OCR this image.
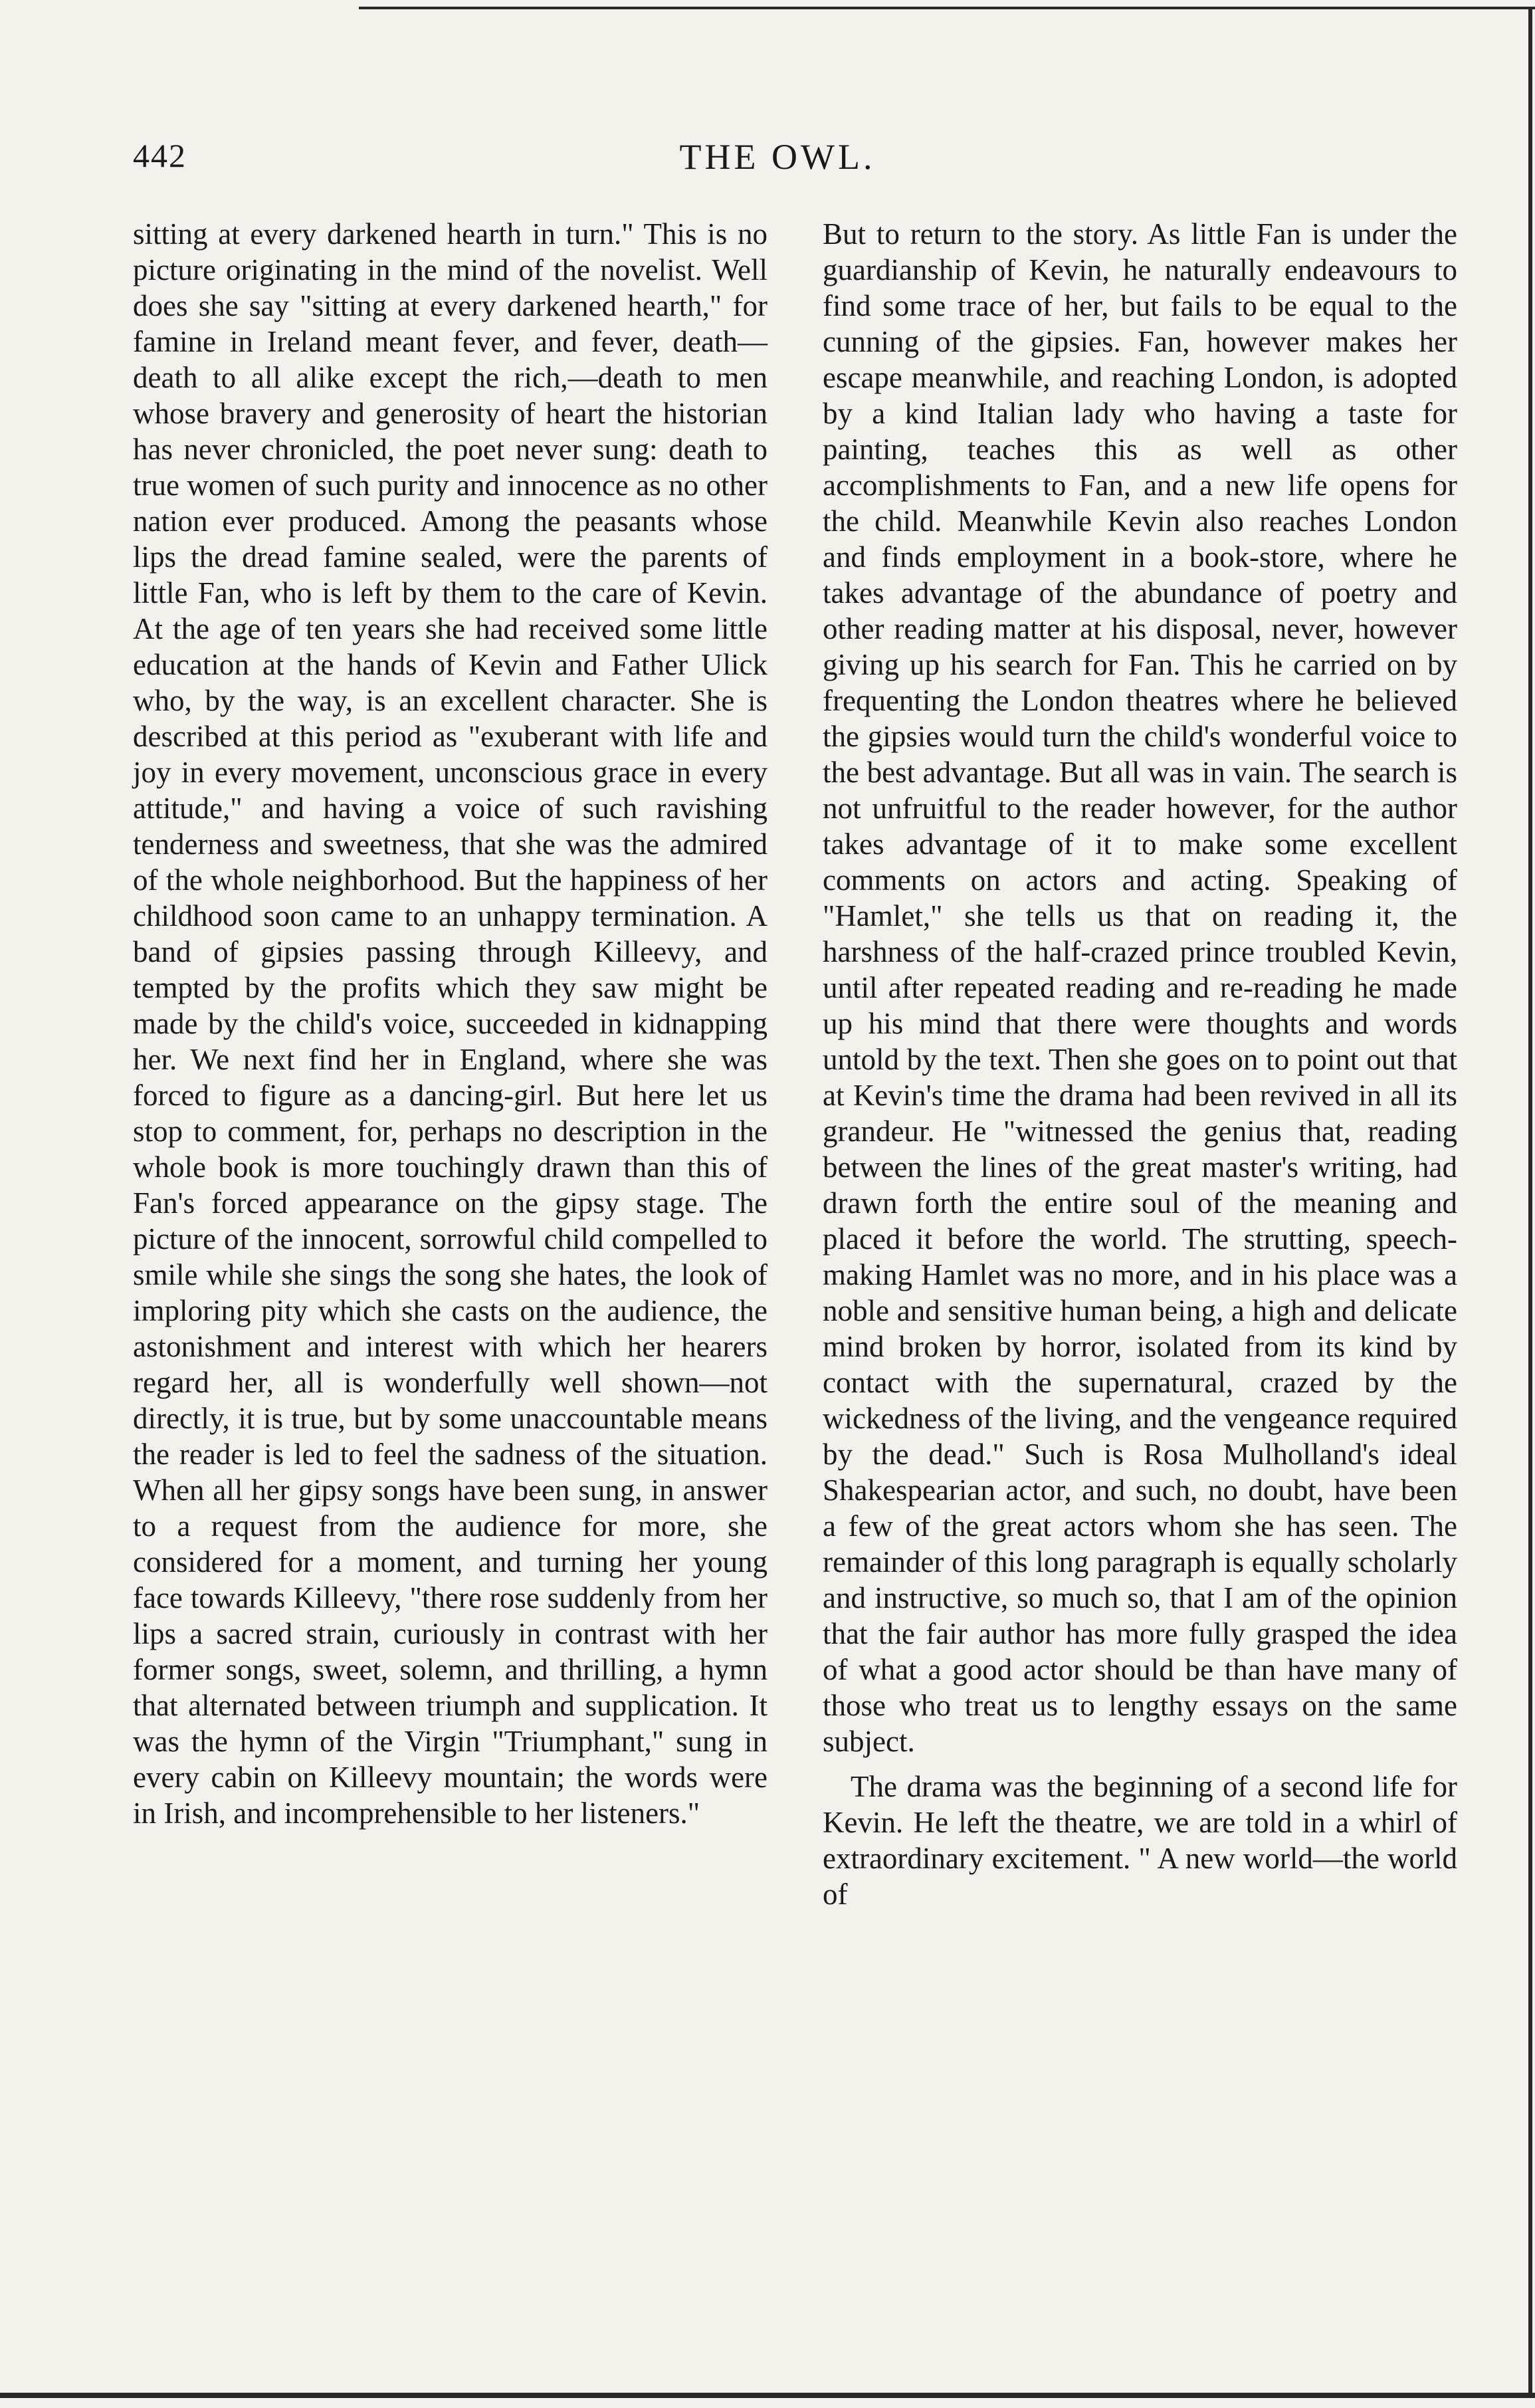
442	THE OWL.

sitting at every darkened hearth in turn." This is no picture originating in the mind of the novelist. Well does she say "sitting at every darkened hearth," for famine in Ireland meant fever, and fever, death—death to all alike except the rich,—death to men whose bravery and generosity of heart the historian has never chronicled, the poet never sung: death to true women of such purity and innocence as no other nation ever produced. Among the peasants whose lips the dread famine sealed, were the parents of little Fan, who is left by them to the care of Kevin. At the age of ten years she had received some little education at the hands of Kevin and Father Ulick who, by the way, is an excellent character. She is described at this period as "exuberant with life and joy in every movement, unconscious grace in every attitude," and having a voice of such ravishing tenderness and sweetness, that she was the admired of the whole neighborhood. But the happiness of her childhood soon came to an unhappy termination. A band of gipsies passing through Killeevy, and tempted by the profits which they saw might be made by the child's voice, succeeded in kidnapping her. We next find her in England, where she was forced to figure as a dancing-girl. But here let us stop to comment, for, perhaps no description in the whole book is more touchingly drawn than this of Fan's forced appearance on the gipsy stage. The picture of the innocent, sorrowful child compelled to smile while she sings the song she hates, the look of imploring pity which she casts on the audience, the astonishment and interest with which her hearers regard her, all is wonderfully well shown—not directly, it is true, but by some unaccountable means the reader is led to feel the sadness of the situation. When all her gipsy songs have been sung, in answer to a request from the audience for more, she considered for a moment, and turning her young face towards Killeevy, "there rose suddenly from her lips a sacred strain, curiously in contrast with her former songs, sweet, solemn, and thrilling, a hymn that alternated between triumph and supplication. It was the hymn of the Virgin "Triumphant," sung in every cabin on Killeevy mountain; the words were in Irish, and incomprehensible to her listeners."

But to return to the story. As little Fan is under the guardianship of Kevin, he naturally endeavours to find some trace of her, but fails to be equal to the cunning of the gipsies. Fan, however makes her escape meanwhile, and reaching London, is adopted by a kind Italian lady who having a taste for painting, teaches this as well as other accomplishments to Fan, and a new life opens for the child. Meanwhile Kevin also reaches London and finds employment in a book-store, where he takes advantage of the abundance of poetry and other reading matter at his disposal, never, however giving up his search for Fan. This he carried on by frequenting the London theatres where he believed the gipsies would turn the child's wonderful voice to the best advantage. But all was in vain. The search is not unfruitful to the reader however, for the author takes advantage of it to make some excellent comments on actors and acting. Speaking of "Hamlet," she tells us that on reading it, the harshness of the half-crazed prince troubled Kevin, until after repeated reading and re-reading he made up his mind that there were thoughts and words untold by the text. Then she goes on to point out that at Kevin's time the drama had been revived in all its grandeur. He "witnessed the genius that, reading between the lines of the great master's writing, had drawn forth the entire soul of the meaning and placed it before the world. The strutting, speech-making Hamlet was no more, and in his place was a noble and sensitive human being, a high and delicate mind broken by horror, isolated from its kind by contact with the supernatural, crazed by the wickedness of the living, and the vengeance required by the dead." Such is Rosa Mulholland's ideal Shakespearian actor, and such, no doubt, have been a few of the great actors whom she has seen. The remainder of this long paragraph is equally scholarly and instructive, so much so, that I am of the opinion that the fair author has more fully grasped the idea of what a good actor should be than have many of those who treat us to lengthy essays on the same subject.

The drama was the beginning of a second life for Kevin. He left the theatre, we are told in a whirl of extraordinary excitement. " A new world—the world of
